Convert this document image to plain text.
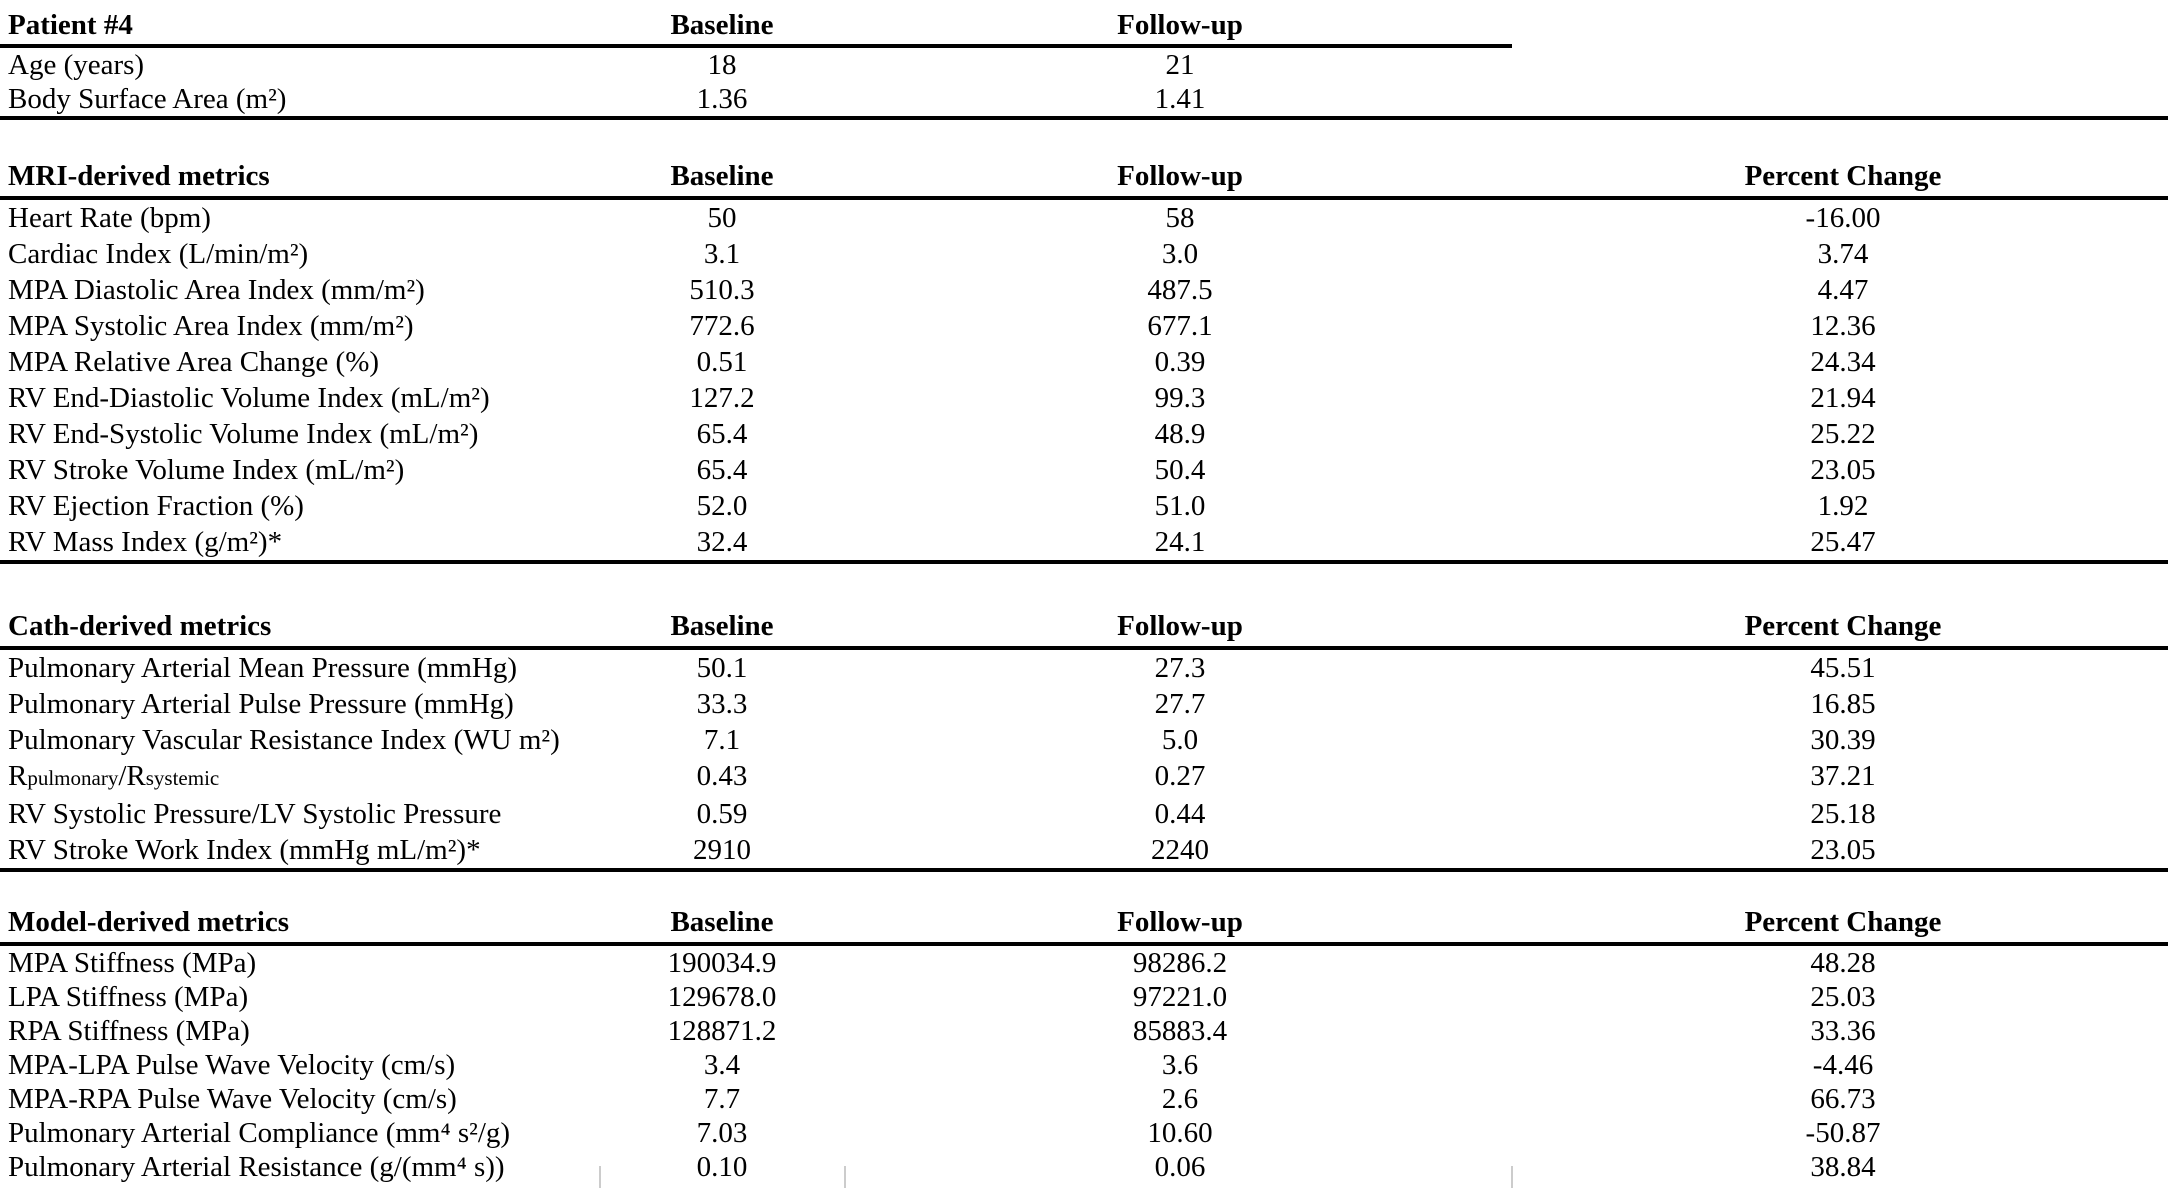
Patient #4	Baseline	Follow-up
Age (years)	18	21
Body Surface Area (m²)	1.36	1.41
MRI-derived metrics	Baseline	Follow-up	Percent Change
Heart Rate (bpm)	50	58	-16.00
Cardiac Index (L/min/m²)	3.1	3.0	3.74
MPA Diastolic Area Index (mm/m²)	510.3	487.5	4.47
MPA Systolic Area Index (mm/m²)	772.6	677.1	12.36
MPA Relative Area Change (%)	0.51	0.39	24.34
RV End-Diastolic Volume Index (mL/m²)	127.2	99.3	21.94
RV End-Systolic Volume Index (mL/m²)	65.4	48.9	25.22
RV Stroke Volume Index (mL/m²)	65.4	50.4	23.05
RV Ejection Fraction (%)	52.0	51.0	1.92
RV Mass Index (g/m²)*	32.4	24.1	25.47
Cath-derived metrics	Baseline	Follow-up	Percent Change
Pulmonary Arterial Mean Pressure (mmHg)	50.1	27.3	45.51
Pulmonary Arterial Pulse Pressure (mmHg)	33.3	27.7	16.85
Pulmonary Vascular Resistance Index (WU m²)	7.1	5.0	30.39
Rpulmonary/Rsystemic	0.43	0.27	37.21
RV Systolic Pressure/LV Systolic Pressure	0.59	0.44	25.18
RV Stroke Work Index (mmHg mL/m²)*	2910	2240	23.05
Model-derived metrics	Baseline	Follow-up	Percent Change
MPA Stiffness (MPa)	190034.9	98286.2	48.28
LPA Stiffness (MPa)	129678.0	97221.0	25.03
RPA Stiffness (MPa)	128871.2	85883.4	33.36
MPA-LPA Pulse Wave Velocity (cm/s)	3.4	3.6	-4.46
MPA-RPA Pulse Wave Velocity (cm/s)	7.7	2.6	66.73
Pulmonary Arterial Compliance (mm⁴ s²/g)	7.03	10.60	-50.87
Pulmonary Arterial Resistance (g/(mm⁴ s))	0.10	0.06	38.84
